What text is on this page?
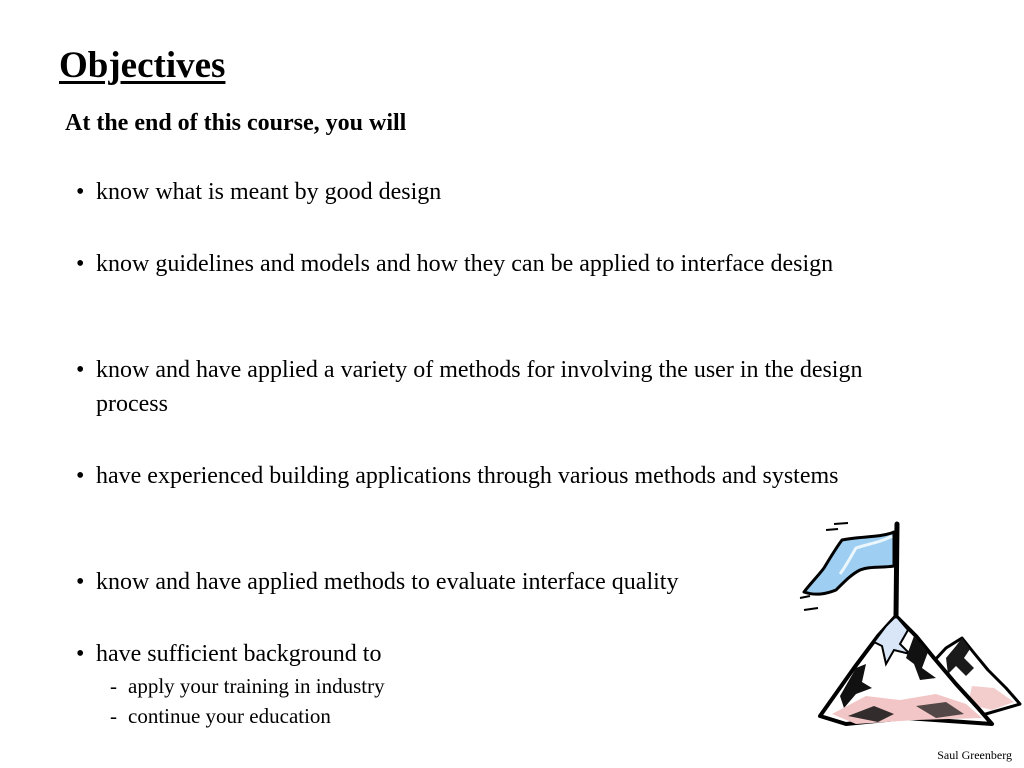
Objectives
At the end of this course, you will
• know what is meant by good design
• know guidelines and models and how they can be applied to interface design
• know and have applied a variety of methods for involving the user in the design process
• have experienced building applications through various methods and systems
• know and have applied methods to evaluate interface quality
• have sufficient background to
- apply your training in industry
- continue your education
Saul Greenberg
